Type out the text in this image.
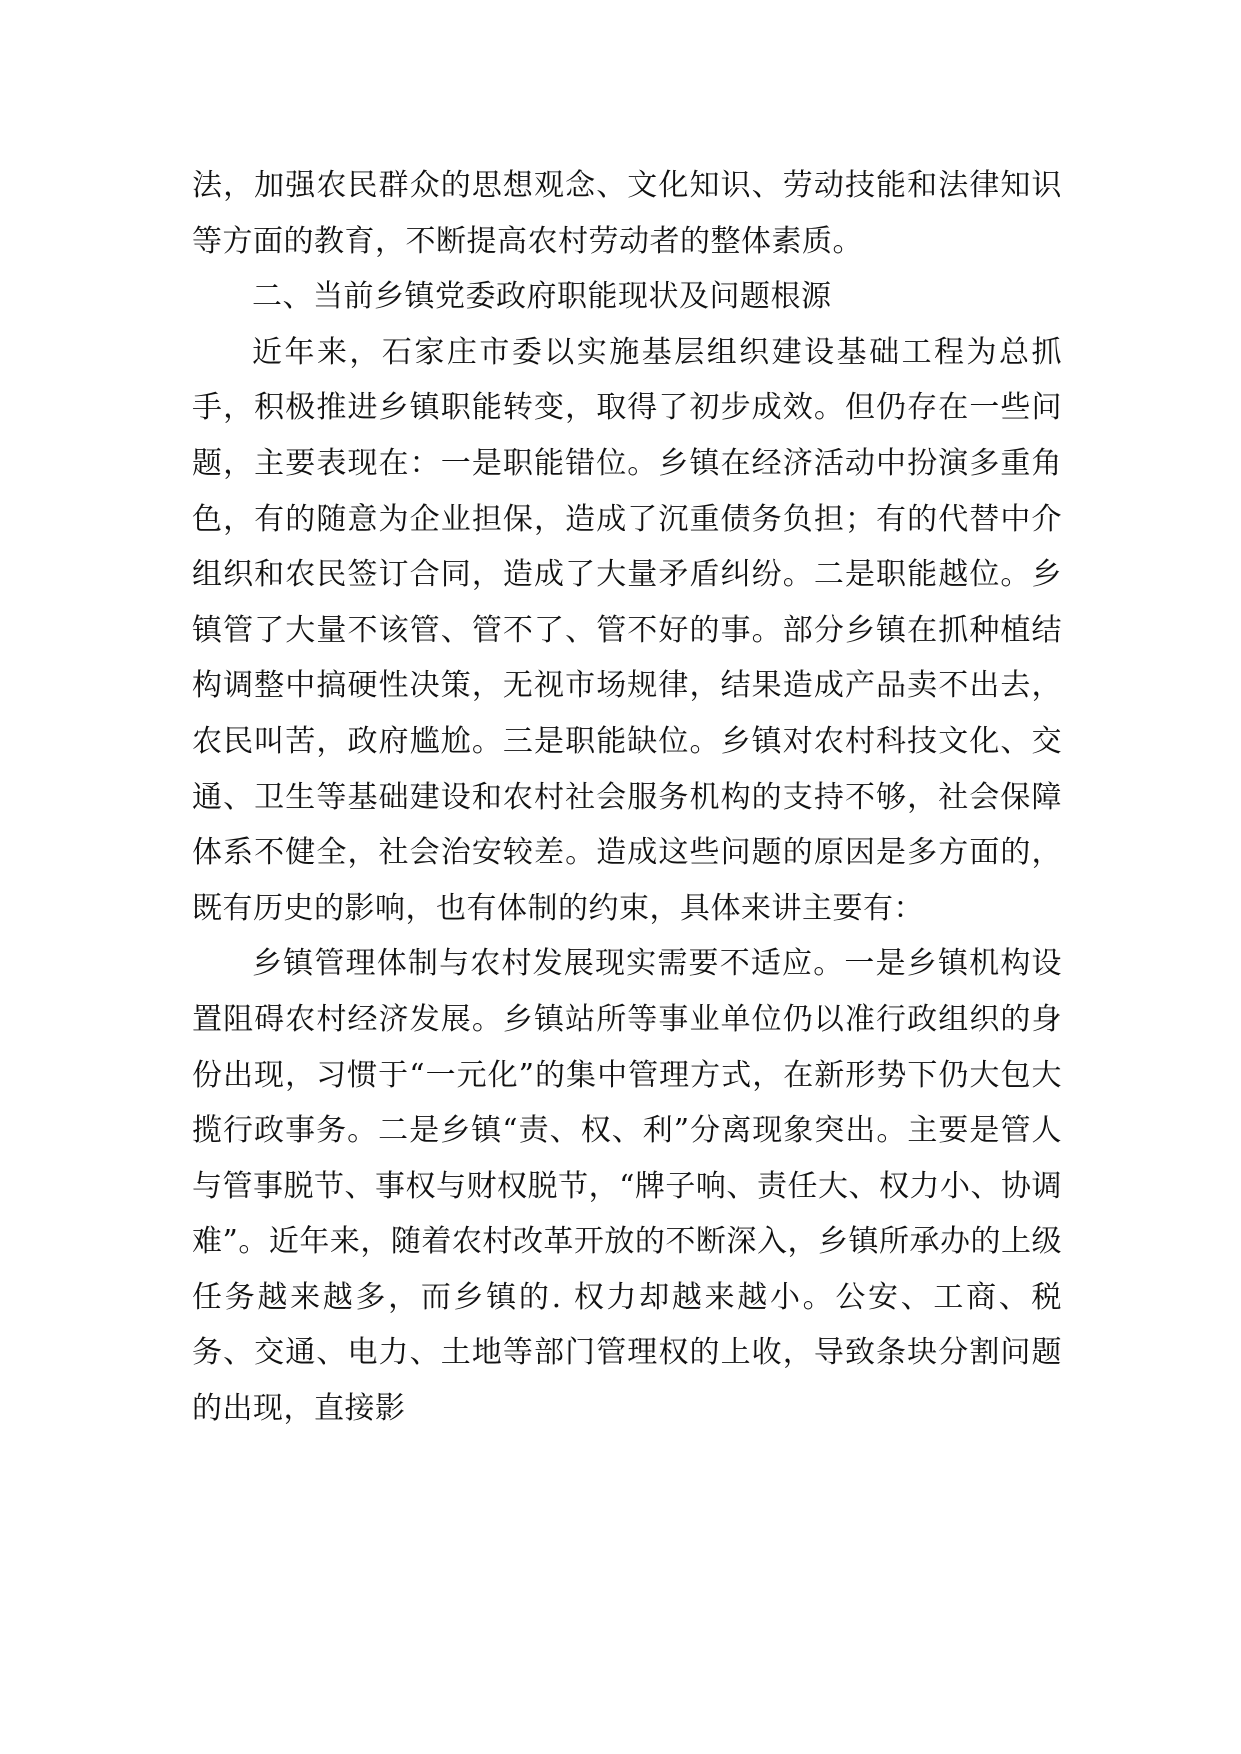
法，加强农民群众的思想观念、文化知识、劳动技能和法律知识等方面的教育，不断提高农村劳动者的整体素质。

二、当前乡镇党委政府职能现状及问题根源

近年来，石家庄市委以实施基层组织建设基础工程为总抓手，积极推进乡镇职能转变，取得了初步成效。但仍存在一些问题，主要表现在：一是职能错位。乡镇在经济活动中扮演多重角色，有的随意为企业担保，造成了沉重债务负担；有的代替中介组织和农民签订合同，造成了大量矛盾纠纷。二是职能越位。乡镇管了大量不该管、管不了、管不好的事。部分乡镇在抓种植结构调整中搞硬性决策，无视市场规律，结果造成产品卖不出去，农民叫苦，政府尴尬。三是职能缺位。乡镇对农村科技文化、交通、卫生等基础建设和农村社会服务机构的支持不够，社会保障体系不健全，社会治安较差。造成这些问题的原因是多方面的，既有历史的影响，也有体制的约束，具体来讲主要有：

乡镇管理体制与农村发展现实需要不适应。一是乡镇机构设置阻碍农村经济发展。乡镇站所等事业单位仍以准行政组织的身份出现，习惯于“一元化”的集中管理方式，在新形势下仍大包大揽行政事务。二是乡镇“责、权、利”分离现象突出。主要是管人与管事脱节、事权与财权脱节，“牌子响、责任大、权力小、协调难”。近年来，随着农村改革开放的不断深入，乡镇所承办的上级任务越来越多，而乡镇的. 权力却越来越小。公安、工商、税务、交通、电力、土地等部门管理权的上收，导致条块分割问题的出现，直接影
